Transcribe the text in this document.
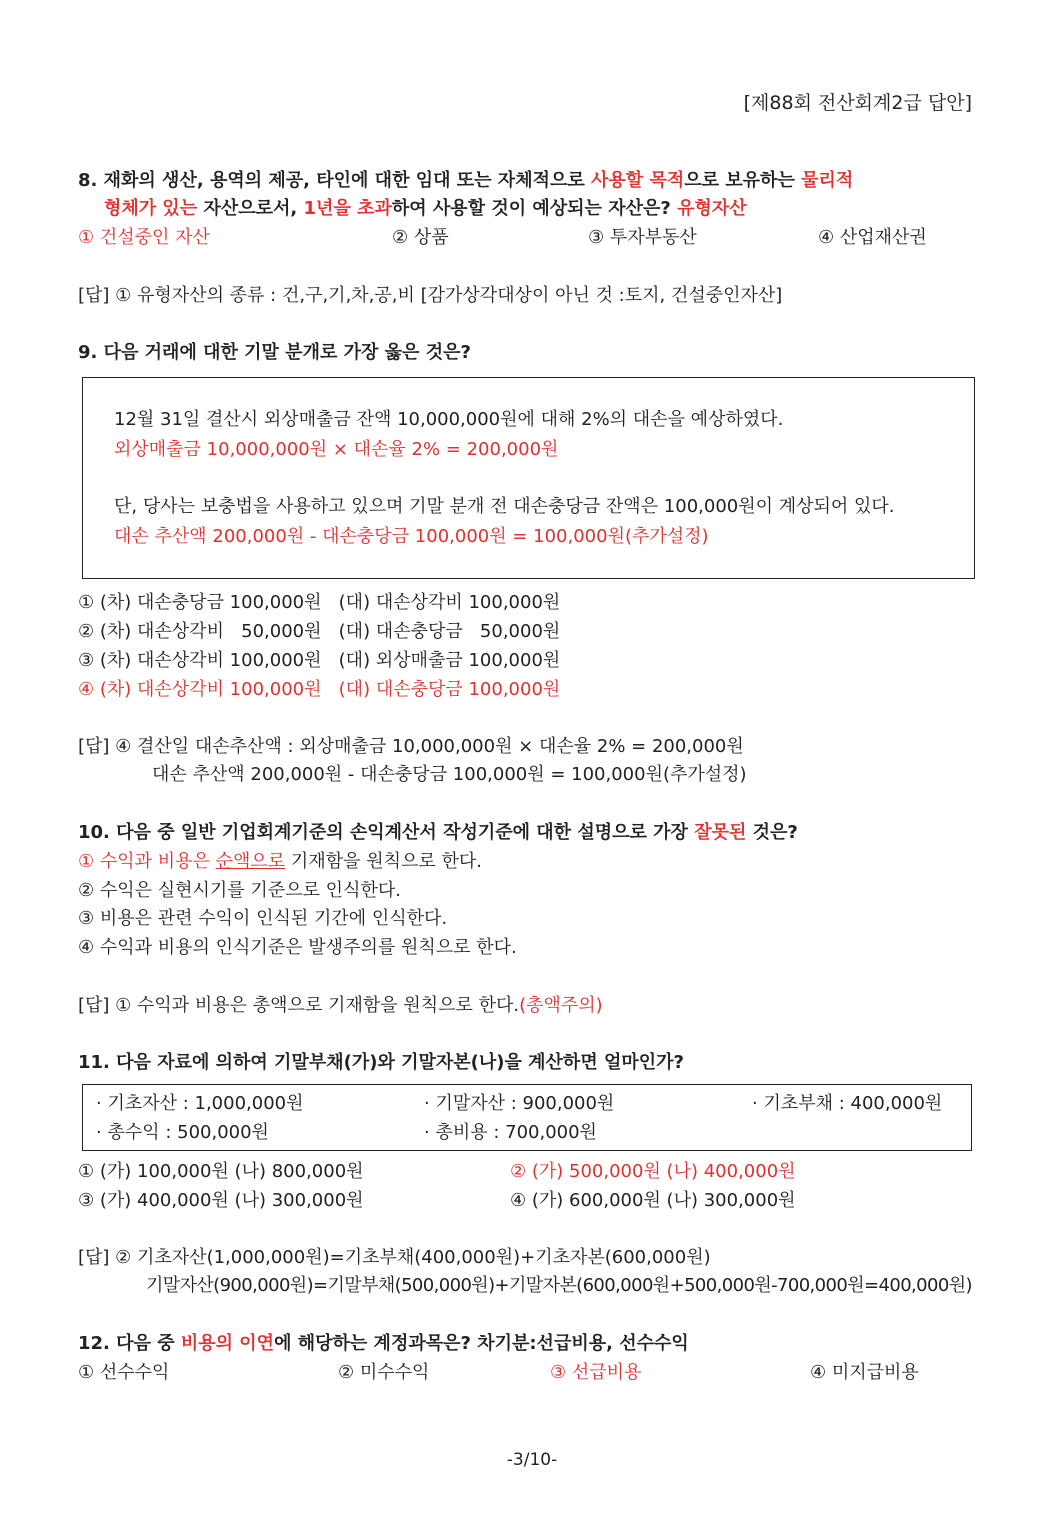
[제88회 전산회계2급 답안]
8. 재화의 생산, 용역의 제공, 타인에 대한 임대 또는 자체적으로 사용할 목적으로 보유하는 물리적
형체가 있는 자산으로서, 1년을 초과하여 사용할 것이 예상되는 자산은? 유형자산
① 건설중인 자산	② 상품	③ 투자부동산	④ 산업재산권
[답] ① 유형자산의 종류 : 건,구,기,차,공,비 [감가상각대상이 아닌 것 :토지, 건설중인자산]
9. 다음 거래에 대한 기말 분개로 가장 옳은 것은?
12월 31일 결산시 외상매출금 잔액 10,000,000원에 대해 2%의 대손을 예상하였다.
외상매출금 10,000,000원 × 대손율 2% = 200,000원
단, 당사는 보충법을 사용하고 있으며 기말 분개 전 대손충당금 잔액은 100,000원이 계상되어 있다.
대손 추산액 200,000원 - 대손충당금 100,000원 = 100,000원(추가설정)
① (차) 대손충당금 100,000원   (대) 대손상각비 100,000원
② (차) 대손상각비   50,000원   (대) 대손충당금   50,000원
③ (차) 대손상각비 100,000원   (대) 외상매출금 100,000원
④ (차) 대손상각비 100,000원   (대) 대손충당금 100,000원
[답] ④ 결산일 대손추산액 : 외상매출금 10,000,000원 × 대손율 2% = 200,000원
대손 추산액 200,000원 - 대손충당금 100,000원 = 100,000원(추가설정)
10. 다음 중 일반 기업회계기준의 손익계산서 작성기준에 대한 설명으로 가장 잘못된 것은?
① 수익과 비용은 순액으로 기재함을 원칙으로 한다.
② 수익은 실현시기를 기준으로 인식한다.
③ 비용은 관련 수익이 인식된 기간에 인식한다.
④ 수익과 비용의 인식기준은 발생주의를 원칙으로 한다.
[답] ① 수익과 비용은 총액으로 기재함을 원칙으로 한다.(총액주의)
11. 다음 자료에 의하여 기말부채(가)와 기말자본(나)을 계산하면 얼마인가?
· 기초자산 : 1,000,000원	· 기말자산 : 900,000원	· 기초부채 : 400,000원
· 총수익 : 500,000원	· 총비용 : 700,000원
① (가) 100,000원 (나) 800,000원	② (가) 500,000원 (나) 400,000원
③ (가) 400,000원 (나) 300,000원	④ (가) 600,000원 (나) 300,000원
[답] ② 기초자산(1,000,000원)=기초부채(400,000원)+기초자본(600,000원)
기말자산(900,000원)=기말부채(500,000원)+기말자본(600,000원+500,000원-700,000원=400,000원)
12. 다음 중 비용의 이연에 해당하는 계정과목은? 차기분:선급비용, 선수수익
① 선수수익	② 미수수익	③ 선급비용	④ 미지급비용
-3/10-
